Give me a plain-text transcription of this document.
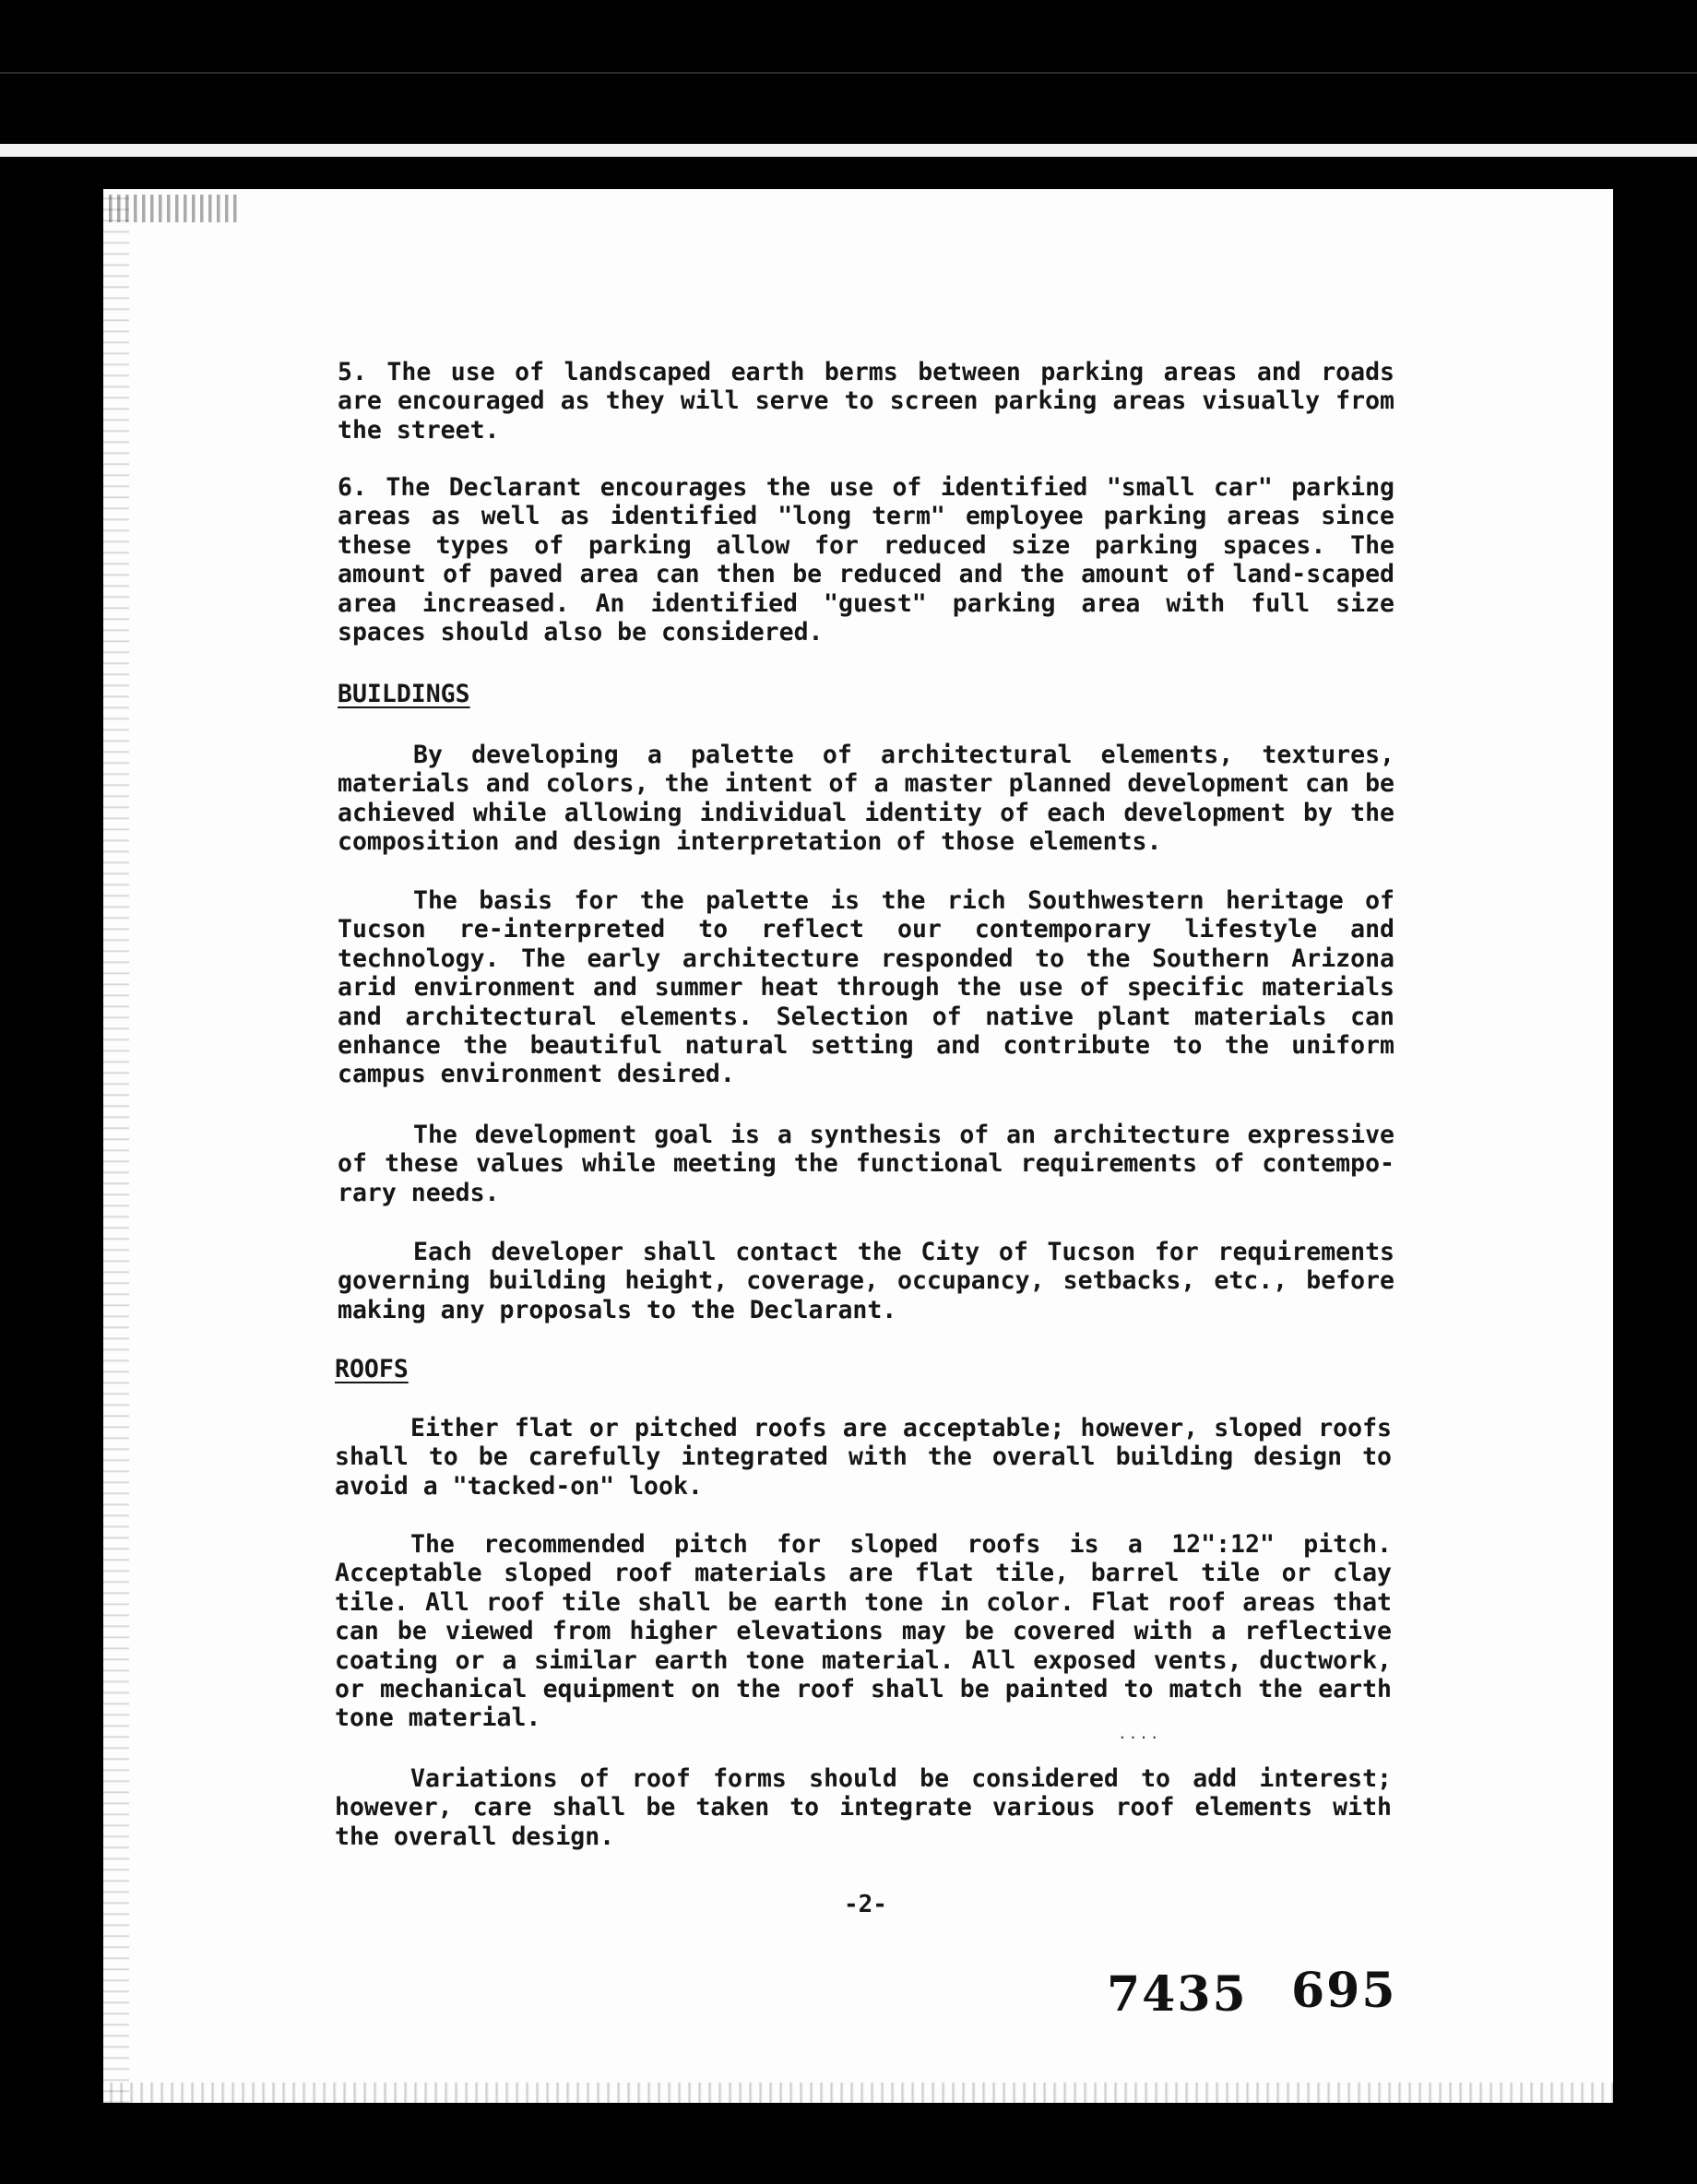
5. The use of landscaped earth berms between parking areas and roads are encouraged as they will serve to screen parking areas visually from the street.
6. The Declarant encourages the use of identified "small car" parking areas as well as identified "long term" employee parking areas since these types of parking allow for reduced size parking spaces. The amount of paved area can then be reduced and the amount of land-scaped area increased. An identified "guest" parking area with full size spaces should also be considered.
BUILDINGS
By developing a palette of architectural elements, textures, materials and colors, the intent of a master planned development can be achieved while allowing individual identity of each development by the composition and design interpretation of those elements.
The basis for the palette is the rich Southwestern heritage of Tucson re-interpreted to reflect our contemporary lifestyle and technology. The early architecture responded to the Southern Arizona arid environment and summer heat through the use of specific materials and architectural elements. Selection of native plant materials can enhance the beautiful natural setting and contribute to the uniform campus environment desired.
The development goal is a synthesis of an architecture expressive of these values while meeting the functional requirements of contempo-rary needs.
Each developer shall contact the City of Tucson for requirements governing building height, coverage, occupancy, setbacks, etc., before making any proposals to the Declarant.
ROOFS
Either flat or pitched roofs are acceptable; however, sloped roofs shall to be carefully integrated with the overall building design to avoid a "tacked-on" look.
The recommended pitch for sloped roofs is a 12":12" pitch. Acceptable sloped roof materials are flat tile, barrel tile or clay tile. All roof tile shall be earth tone in color. Flat roof areas that can be viewed from higher elevations may be covered with a reflective coating or a similar earth tone material. All exposed vents, ductwork, or mechanical equipment on the roof shall be painted to match the earth tone material.
....
Variations of roof forms should be considered to add interest; however, care shall be taken to integrate various roof elements with the overall design.
-2-
7435 695
